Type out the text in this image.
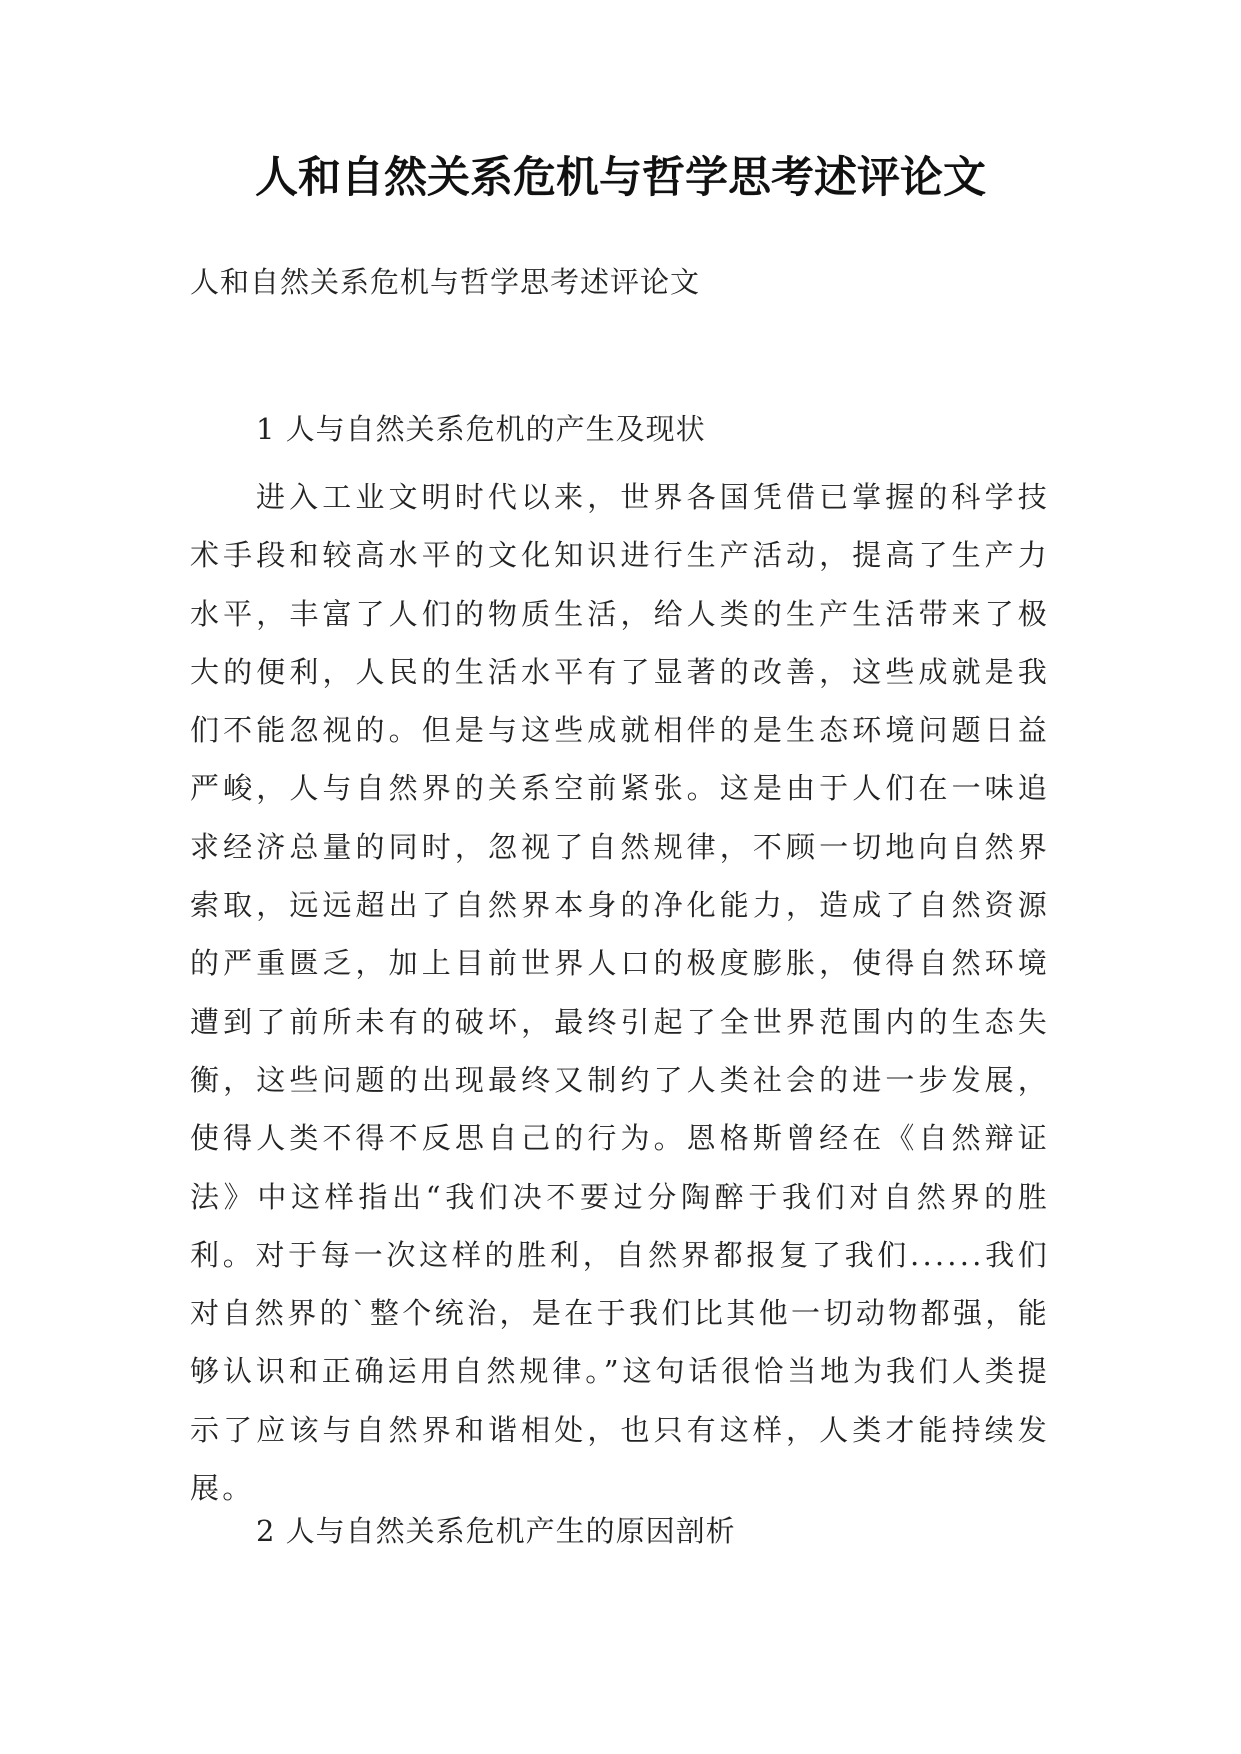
人和自然关系危机与哲学思考述评论文

人和自然关系危机与哲学思考述评论文

1 人与自然关系危机的产生及现状

进入工业文明时代以来，世界各国凭借已掌握的科学技术手段和较高水平的文化知识进行生产活动，提高了生产力水平，丰富了人们的物质生活，给人类的生产生活带来了极大的便利，人民的生活水平有了显著的改善，这些成就是我们不能忽视的。但是与这些成就相伴的是生态环境问题日益严峻，人与自然界的关系空前紧张。这是由于人们在一味追求经济总量的同时，忽视了自然规律，不顾一切地向自然界索取，远远超出了自然界本身的净化能力，造成了自然资源的严重匮乏，加上目前世界人口的极度膨胀，使得自然环境遭到了前所未有的破坏，最终引起了全世界范围内的生态失衡，这些问题的出现最终又制约了人类社会的进一步发展，使得人类不得不反思自己的行为。恩格斯曾经在《自然辩证法》中这样指出“我们决不要过分陶醉于我们对自然界的胜利。对于每一次这样的胜利，自然界都报复了我们......我们对自然界的`整个统治，是在于我们比其他一切动物都强，能够认识和正确运用自然规律。”这句话很恰当地为我们人类提示了应该与自然界和谐相处，也只有这样，人类才能持续发展。

2 人与自然关系危机产生的原因剖析
